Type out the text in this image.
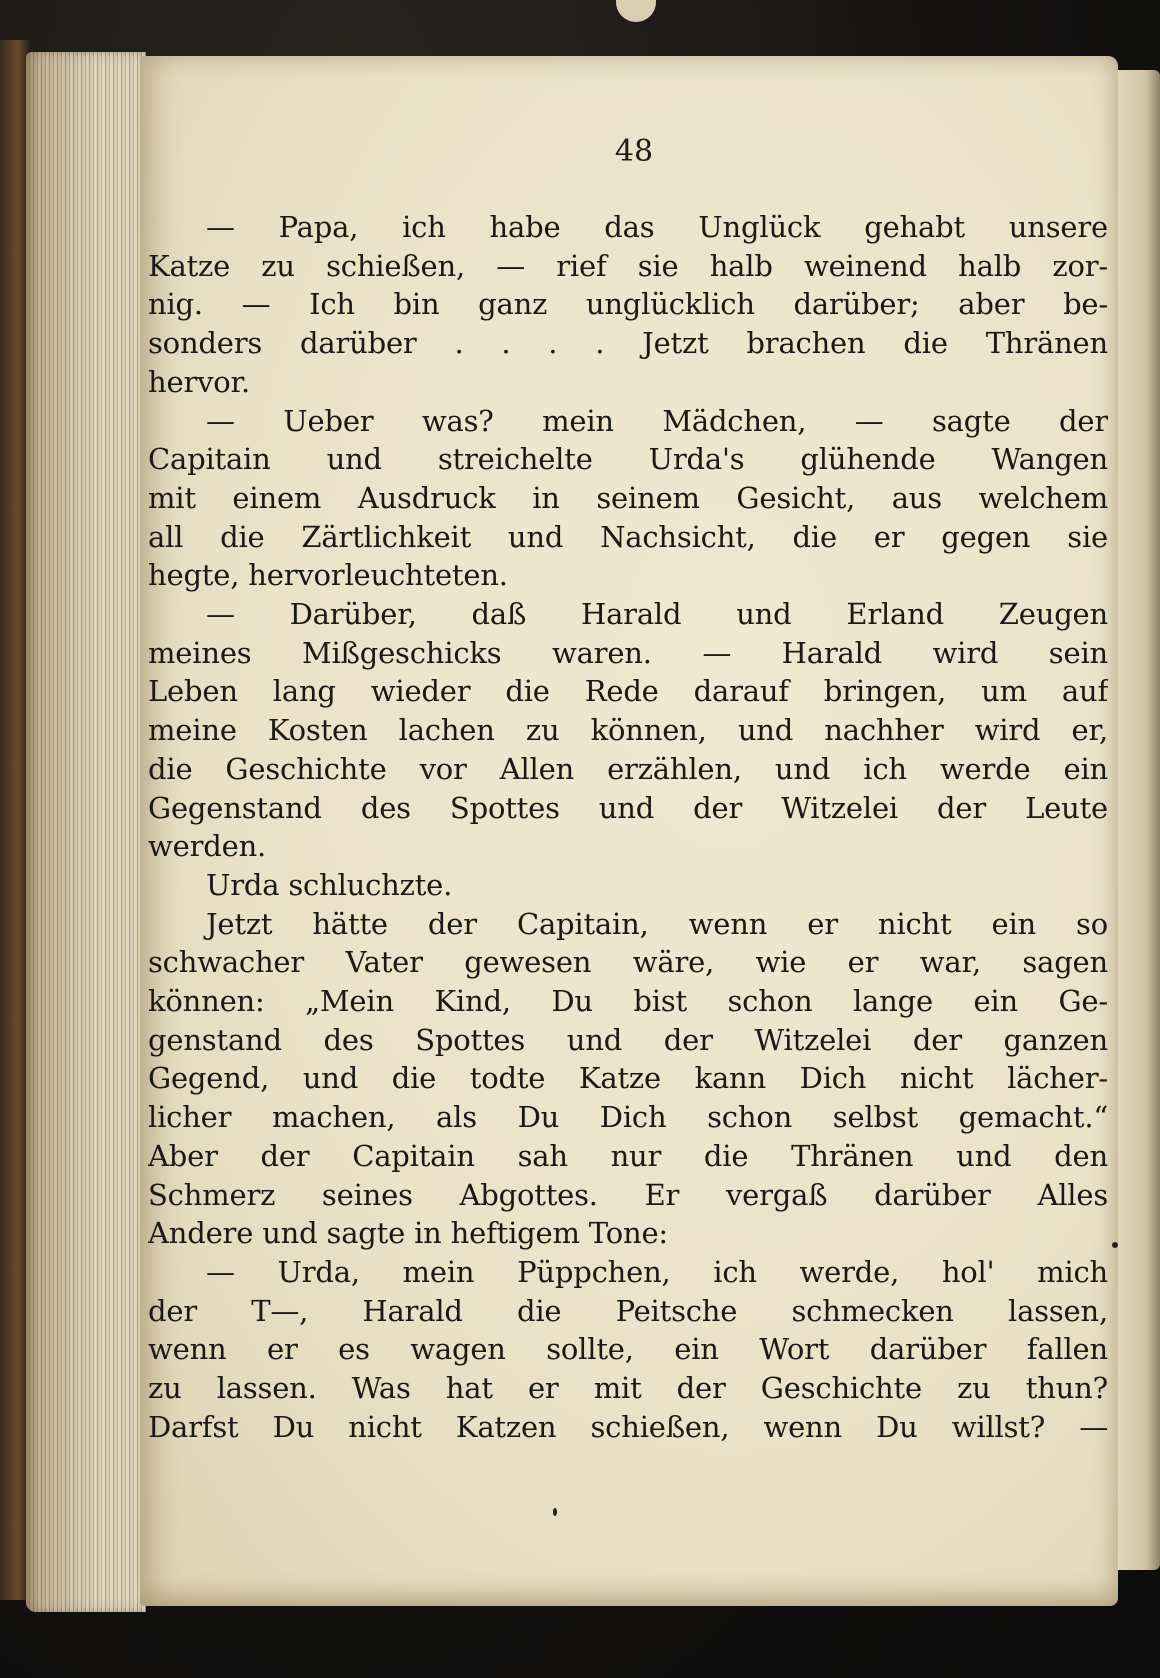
48
— Papa, ich habe das Unglück gehabt unsere
Katze zu schießen, — rief sie halb weinend halb zor-
nig. — Ich bin ganz unglücklich darüber; aber be-
sonders darüber . . . . Jetzt brachen die Thränen
hervor.
— Ueber was? mein Mädchen, — sagte der
Capitain und streichelte Urda's glühende Wangen
mit einem Ausdruck in seinem Gesicht, aus welchem
all die Zärtlichkeit und Nachsicht, die er gegen sie
hegte, hervorleuchteten.
— Darüber, daß Harald und Erland Zeugen
meines Mißgeschicks waren. — Harald wird sein
Leben lang wieder die Rede darauf bringen, um auf
meine Kosten lachen zu können, und nachher wird er,
die Geschichte vor Allen erzählen, und ich werde ein
Gegenstand des Spottes und der Witzelei der Leute
werden.
Urda schluchzte.
Jetzt hätte der Capitain, wenn er nicht ein so
schwacher Vater gewesen wäre, wie er war, sagen
können: „Mein Kind, Du bist schon lange ein Ge-
genstand des Spottes und der Witzelei der ganzen
Gegend, und die todte Katze kann Dich nicht lächer-
licher machen, als Du Dich schon selbst gemacht.“
Aber der Capitain sah nur die Thränen und den
Schmerz seines Abgottes. Er vergaß darüber Alles
Andere und sagte in heftigem Tone:
— Urda, mein Püppchen, ich werde, hol' mich
der T—, Harald die Peitsche schmecken lassen,
wenn er es wagen sollte, ein Wort darüber fallen
zu lassen. Was hat er mit der Geschichte zu thun?
Darfst Du nicht Katzen schießen, wenn Du willst? —
